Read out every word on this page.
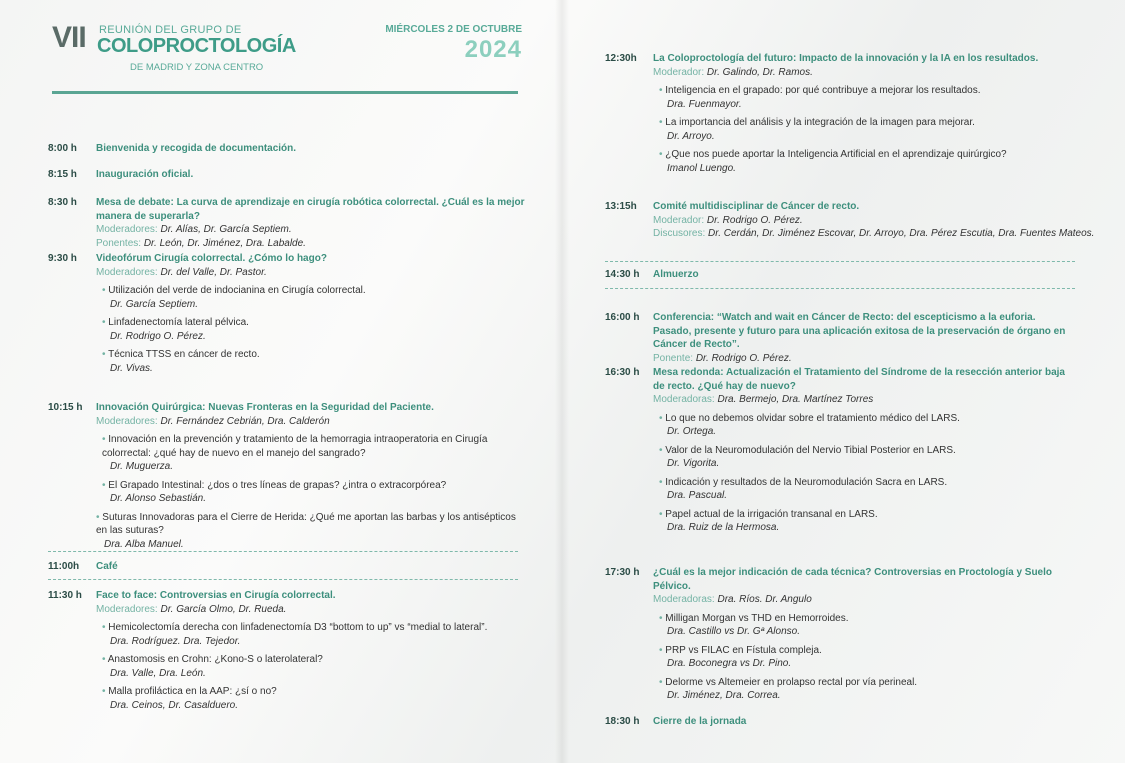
VII REUNIÓN DEL GRUPO DE
COLOPROCTOLOGÍA
DE MADRID Y ZONA CENTRO
MIÉRCOLES 2 DE OCTUBRE
2024
8:00 h	Bienvenida y recogida de documentación.
8:15 h	Inauguración oficial.
8:30 h	Mesa de debate: La curva de aprendizaje en cirugía robótica colorrectal. ¿Cuál es la mejor manera de superarla?
Moderadores: Dr. Alías, Dr. García Septiem.
Ponentes: Dr. León, Dr. Jiménez, Dra. Labalde.
9:30 h	Videofórum Cirugía colorrectal. ¿Cómo lo hago?
Moderadores: Dr. del Valle, Dr. Pastor.
• Utilización del verde de indocianina en Cirugía colorrectal.
Dr. García Septiem.
• Linfadenectomía lateral pélvica.
Dr. Rodrigo O. Pérez.
• Técnica TTSS en cáncer de recto.
Dr. Vivas.
10:15 h	Innovación Quirúrgica: Nuevas Fronteras en la Seguridad del Paciente.
Moderadores: Dr. Fernández Cebrián, Dra. Calderón
• Innovación en la prevención y tratamiento de la hemorragia intraoperatoria en Cirugía colorrectal: ¿qué hay de nuevo en el manejo del sangrado?
Dr. Muguerza.
• El Grapado Intestinal: ¿dos o tres líneas de grapas? ¿intra o extracorpórea?
Dr. Alonso Sebastián.
• Suturas Innovadoras para el Cierre de Herida: ¿Qué me aportan las barbas y los antisépticos en las suturas?
Dra. Alba Manuel.
11:00h Café
11:30 h	Face to face: Controversias en Cirugía colorrectal.
Moderadores: Dr. García Olmo, Dr. Rueda.
• Hemicolectomía derecha con linfadenectomía D3 “bottom to up” vs “medial to lateral”.
Dra. Rodríguez. Dra. Tejedor.
• Anastomosis en Crohn: ¿Kono-S o laterolateral?
Dra. Valle, Dra. León.
• Malla profiláctica en la AAP: ¿sí o no?
Dra. Ceinos, Dr. Casalduero.
12:30h	La Coloproctología del futuro: Impacto de la innovación y la IA en los resultados.
Moderador: Dr. Galindo, Dr. Ramos.
• Inteligencia en el grapado: por qué contribuye a mejorar los resultados.
Dra. Fuenmayor.
• La importancia del análisis y la integración de la imagen para mejorar.
Dr. Arroyo.
• ¿Que nos puede aportar la Inteligencia Artificial en el aprendizaje quirúrgico?
Imanol Luengo.
13:15h	Comité multidisciplinar de Cáncer de recto.
Moderador: Dr. Rodrigo O. Pérez.
Discusores: Dr. Cerdán, Dr. Jiménez Escovar, Dr. Arroyo, Dra. Pérez Escutia, Dra. Fuentes Mateos.
14:30 h Almuerzo
16:00 h	Conferencia: “Watch and wait en Cáncer de Recto: del escepticismo a la euforia. Pasado, presente y futuro para una aplicación exitosa de la preservación de órgano en Cáncer de Recto”.
Ponente: Dr. Rodrigo O. Pérez.
16:30 h	Mesa redonda: Actualización el Tratamiento del Síndrome de la resección anterior baja de recto. ¿Qué hay de nuevo?
Moderadoras: Dra. Bermejo, Dra. Martínez Torres
• Lo que no debemos olvidar sobre el tratamiento médico del LARS.
Dr. Ortega.
• Valor de la Neuromodulación del Nervio Tibial Posterior en LARS.
Dr. Vigorita.
• Indicación y resultados de la Neuromodulación Sacra en LARS.
Dra. Pascual.
• Papel actual de la irrigación transanal en LARS.
Dra. Ruiz de la Hermosa.
17:30 h	¿Cuál es la mejor indicación de cada técnica? Controversias en Proctología y Suelo Pélvico.
Moderadoras: Dra. Ríos. Dr. Angulo
• Milligan Morgan vs THD en Hemorroides.
Dra. Castillo vs Dr. Gª Alonso.
• PRP vs FILAC en Fístula compleja.
Dra. Boconegra vs Dr. Pino.
• Delorme vs Altemeier en prolapso rectal por vía perineal.
Dr. Jiménez, Dra. Correa.
18:30 h	Cierre de la jornada
